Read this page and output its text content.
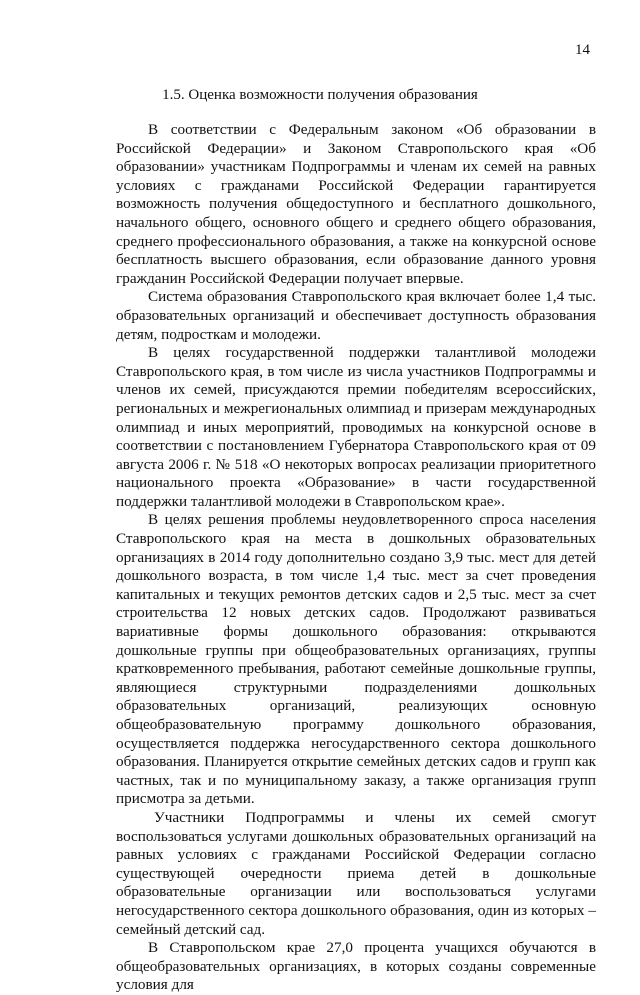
14
1.5. Оценка возможности получения образования

В соответствии с Федеральным законом «Об образовании в Российской Федерации» и Законом Ставропольского края «Об образовании» участникам Подпрограммы и членам их семей на равных условиях с гражданами Российской Федерации гарантируется возможность получения общедоступного и бесплатного дошкольного, начального общего, основного общего и среднего общего образования, среднего профессионального образования, а также на конкурсной основе бесплатность высшего образования, если образование данного уровня гражданин Российской Федерации получает впервые.

Система образования Ставропольского края включает более 1,4 тыс. образовательных организаций и обеспечивает доступность образования детям, подросткам и молодежи.

В целях государственной поддержки талантливой молодежи Ставропольского края, в том числе из числа участников Подпрограммы и членов их семей, присуждаются премии победителям всероссийских, региональных и межрегиональных олимпиад и призерам международных олимпиад и иных мероприятий, проводимых на конкурсной основе в соответствии с постановлением Губернатора Ставропольского края от 09 августа 2006 г. № 518 «О некоторых вопросах реализации приоритетного национального проекта «Образование» в части государственной поддержки талантливой молодежи в Ставропольском крае».

В целях решения проблемы неудовлетворенного спроса населения Ставропольского края на места в дошкольных образовательных организациях в 2014 году дополнительно создано 3,9 тыс. мест для детей дошкольного возраста, в том числе 1,4 тыс. мест за счет проведения капитальных и текущих ремонтов детских садов и 2,5 тыс. мест за счет строительства 12 новых детских садов. Продолжают развиваться вариативные формы дошкольного образования: открываются дошкольные группы при общеобразовательных организациях, группы кратковременного пребывания, работают семейные дошкольные группы, являющиеся структурными подразделениями дошкольных образовательных организаций, реализующих основную общеобразовательную программу дошкольного образования, осуществляется поддержка негосударственного сектора дошкольного образования. Планируется открытие семейных детских садов и групп как частных, так и по муниципальному заказу, а также организация групп присмотра за детьми.

Участники Подпрограммы и члены их семей смогут воспользоваться услугами дошкольных образовательных организаций на равных условиях с гражданами Российской Федерации согласно существующей очередности приема детей в дошкольные образовательные организации или воспользоваться услугами негосударственного сектора дошкольного образования, один из которых – семейный детский сад.

В Ставропольском крае 27,0 процента учащихся обучаются в общеобразовательных организациях, в которых созданы современные условия для
